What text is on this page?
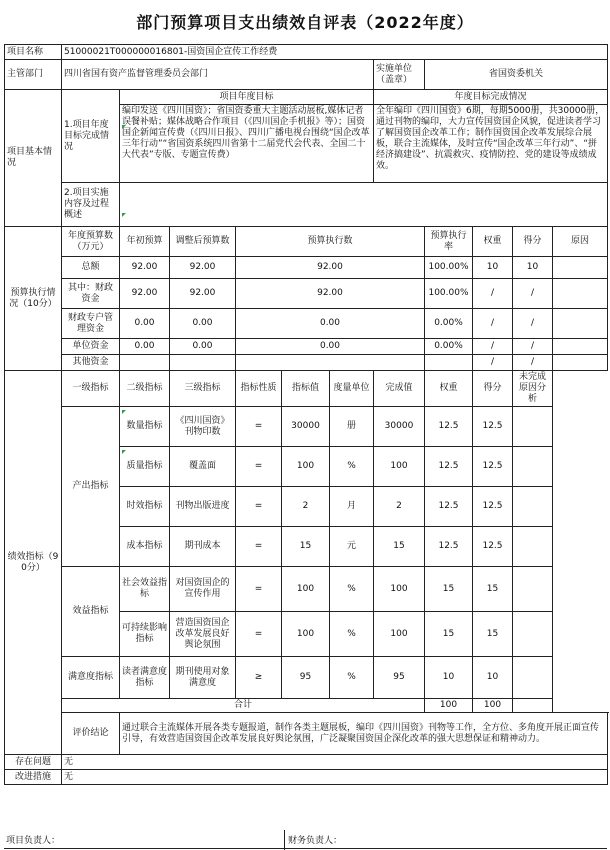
部门预算项目支出绩效自评表（2022年度）
项目名称	51000021T000000016801-国资国企宣传工作经费										
主管部门	四川省国有资产监督管理委员会部门						实施单位（盖章）	省国资委机关			
项目基本情况	1.项目年度目标完成情况	项目年度目标					年度目标完成情况				
		编印发送《四川国资》；省国资委重大主题活动展板,媒体记者误餐补贴；媒体战略合作项目（《四川国企手机报》等）；国资国企新闻宣传费（《四川日报》、四川广播电视台围绕“国企改革三年行动”“省国资系统四川省第十二届党代会代表、全国二十大代表”专版、专题宣传费）					全年编印《四川国资》6期，每期5000册，共30000册，通过刊物的编印，大力宣传国资国企风貌，促进读者学习了解国资国企改革工作；制作国资国企改革发展综合展板，联合主流媒体，及时宣传“国企改革三年行动”、“拼经济搞建设”、抗震救灾、疫情防控、党的建设等成绩成效。				
	2.项目实施内容及过程概述										
预算执行情况（10分）	年度预算数（万元）	年初预算	调整后预算数	预算执行数				预算执行率	权重	得分	原因
	总额	92.00	92.00	92.00				100.00%	10	10	
	其中：财政资金	92.00	92.00	92.00				100.00%	/	/	
	财政专户管理资金	0.00	0.00	0.00				0.00%	/	/	
	单位资金	0.00	0.00	0.00				0.00%	/	/	
	其他资金								/	/	
绩效指标（90分）	一级指标	二级指标	三级指标	指标性质	指标值	度量单位	完成值	权重	得分	未完成原因分析	
	产出指标	数量指标	《四川国资》刊物印数	=	30000	册	30000	12.5	12.5		
		质量指标	覆盖面	=	100	%	100	12.5	12.5		
		时效指标	刊物出版进度	=	2	月	2	12.5	12.5		
		成本指标	期刊成本	=	15	元	15	12.5	12.5		
	效益指标	社会效益指标	对国资国企的宣传作用	=	100	%	100	15	15		
		可持续影响指标	营造国资国企改革发展良好舆论氛围	=	100	%	100	15	15		
	满意度指标	读者满意度指标	期刊使用对象满意度	≥	95	%	95	10	10		
	合计							100	100		
	评价结论	通过联合主流媒体开展各类专题报道，制作各类主题展板，编印《四川国资》刊物等工作，全方位、多角度开展正面宣传引导，有效营造国资国企改革发展良好舆论氛围，广泛凝聚国资国企深化改革的强大思想保证和精神动力。									
存在问题	无										
改进措施	无										
项目负责人：	财务负责人：
